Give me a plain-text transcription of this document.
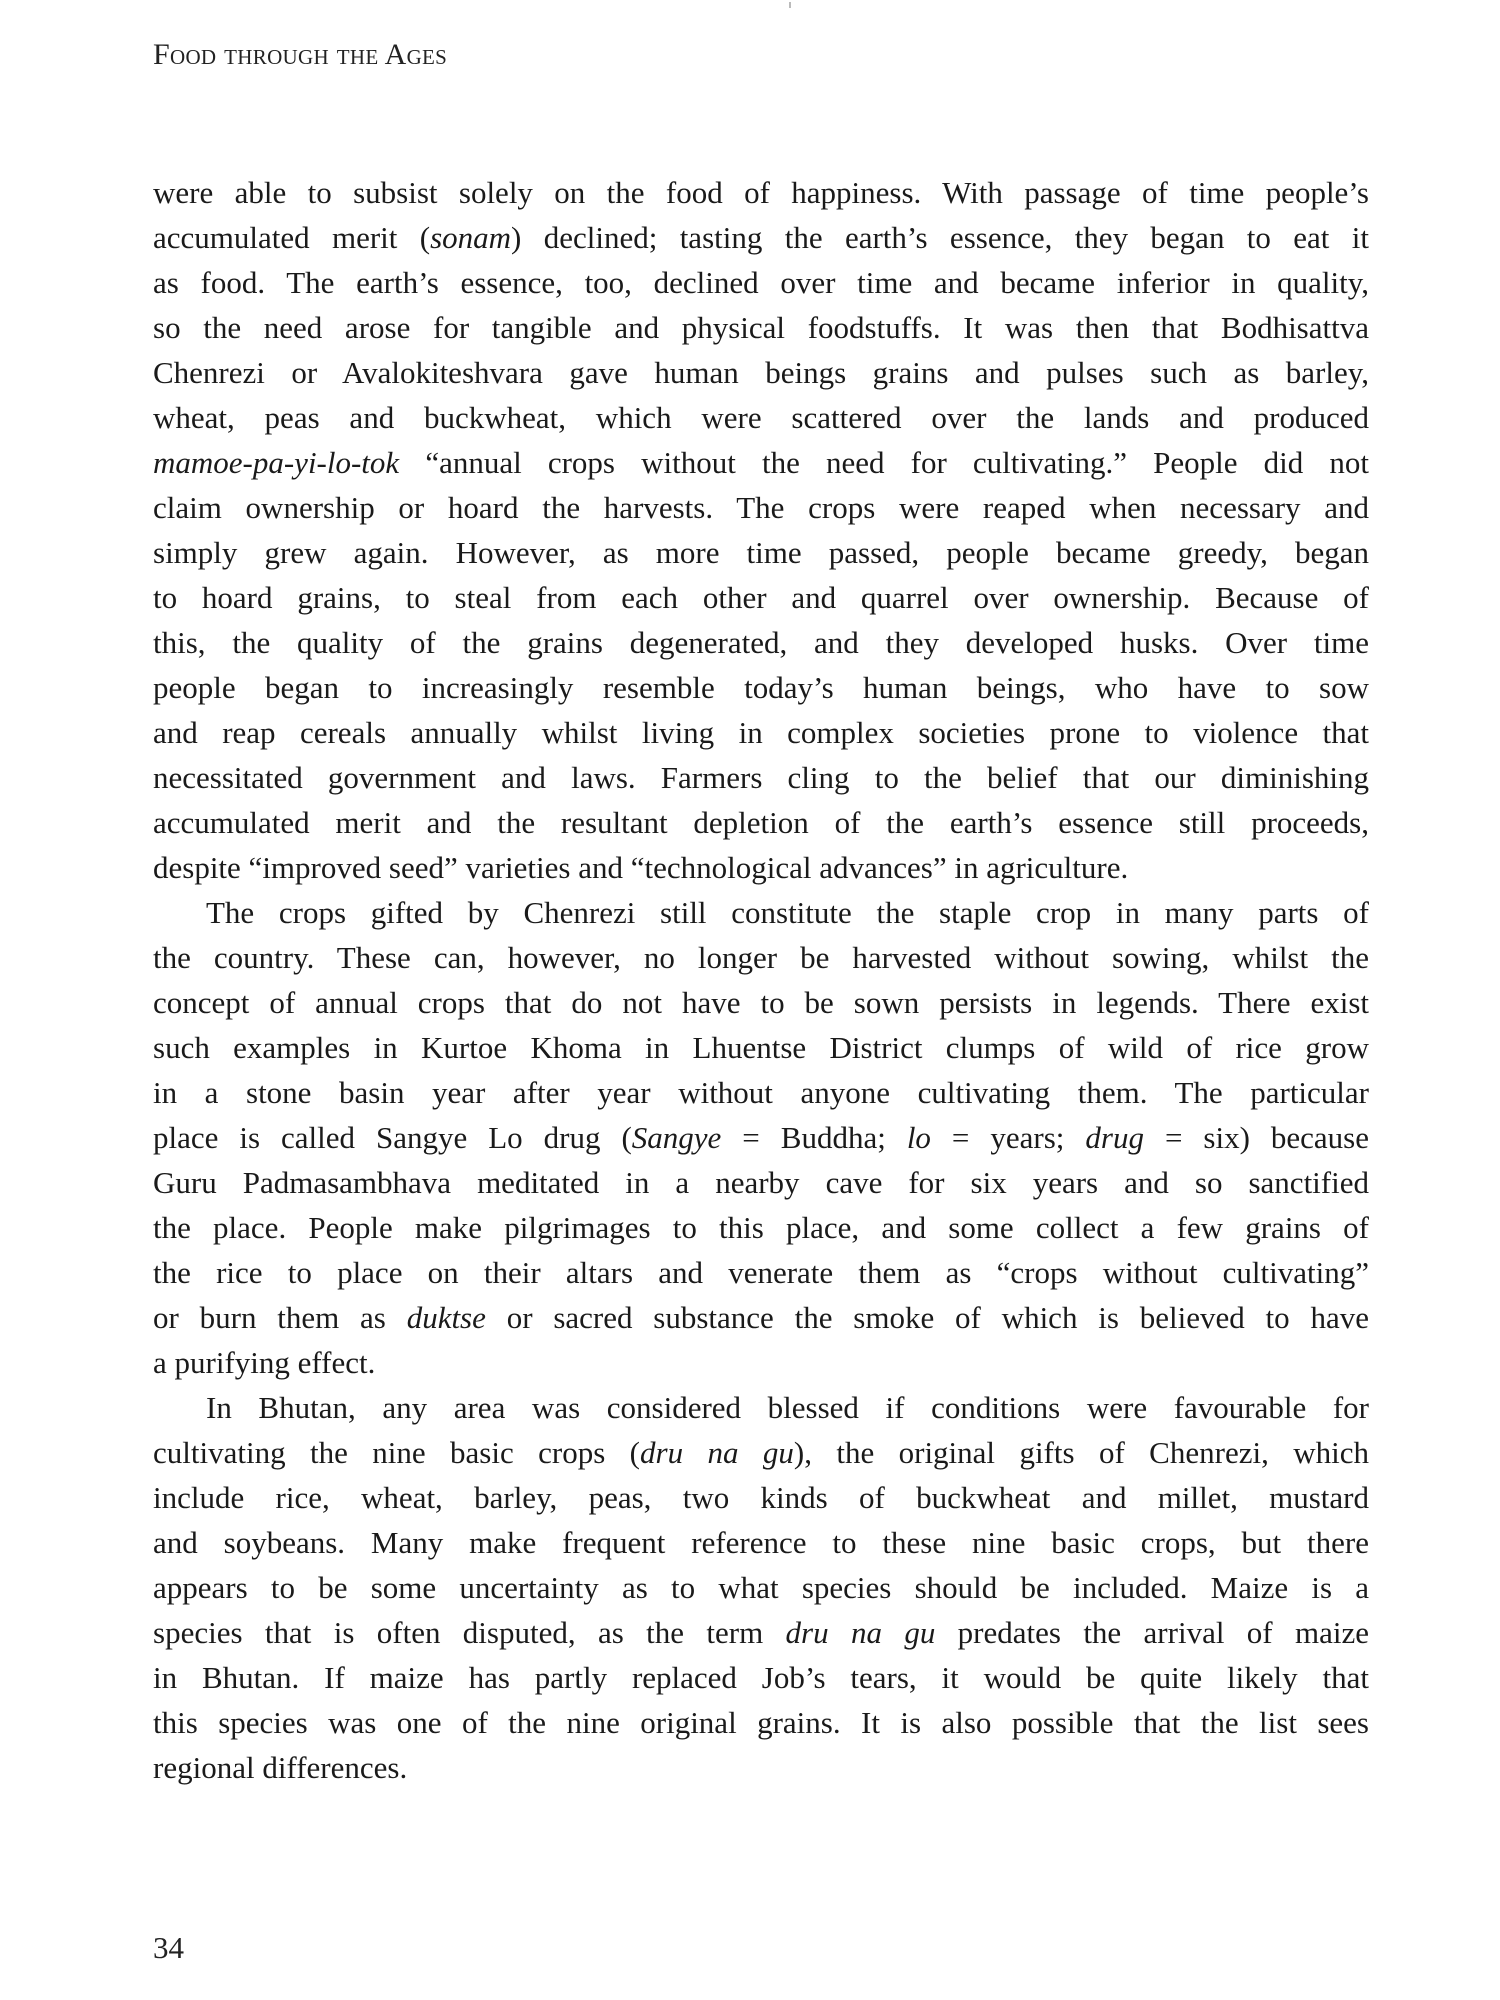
Food through the Ages
were able to subsist solely on the food of happiness. With passage of time people’s
accumulated merit (sonam) declined; tasting the earth’s essence, they began to eat it
as food. The earth’s essence, too, declined over time and became inferior in quality,
so the need arose for tangible and physical foodstuffs. It was then that Bodhisattva
Chenrezi or Avalokiteshvara gave human beings grains and pulses such as barley,
wheat, peas and buckwheat, which were scattered over the lands and produced
mamoe-pa-yi-lo-tok “annual crops without the need for cultivating.” People did not
claim ownership or hoard the harvests. The crops were reaped when necessary and
simply grew again. However, as more time passed, people became greedy, began
to hoard grains, to steal from each other and quarrel over ownership. Because of
this, the quality of the grains degenerated, and they developed husks. Over time
people began to increasingly resemble today’s human beings, who have to sow
and reap cereals annually whilst living in complex societies prone to violence that
necessitated government and laws. Farmers cling to the belief that our diminishing
accumulated merit and the resultant depletion of the earth’s essence still proceeds,
despite “improved seed” varieties and “technological advances” in agriculture.
The crops gifted by Chenrezi still constitute the staple crop in many parts of
the country. These can, however, no longer be harvested without sowing, whilst the
concept of annual crops that do not have to be sown persists in legends. There exist
such examples in Kurtoe Khoma in Lhuentse District clumps of wild of rice grow
in a stone basin year after year without anyone cultivating them. The particular
place is called Sangye Lo drug (Sangye = Buddha; lo = years; drug = six) because
Guru Padmasambhava meditated in a nearby cave for six years and so sanctified
the place. People make pilgrimages to this place, and some collect a few grains of
the rice to place on their altars and venerate them as “crops without cultivating”
or burn them as duktse or sacred substance the smoke of which is believed to have
a purifying effect.
In Bhutan, any area was considered blessed if conditions were favourable for
cultivating the nine basic crops (dru na gu), the original gifts of Chenrezi, which
include rice, wheat, barley, peas, two kinds of buckwheat and millet, mustard
and soybeans. Many make frequent reference to these nine basic crops, but there
appears to be some uncertainty as to what species should be included. Maize is a
species that is often disputed, as the term dru na gu predates the arrival of maize
in Bhutan. If maize has partly replaced Job’s tears, it would be quite likely that
this species was one of the nine original grains. It is also possible that the list sees
regional differences.
34
